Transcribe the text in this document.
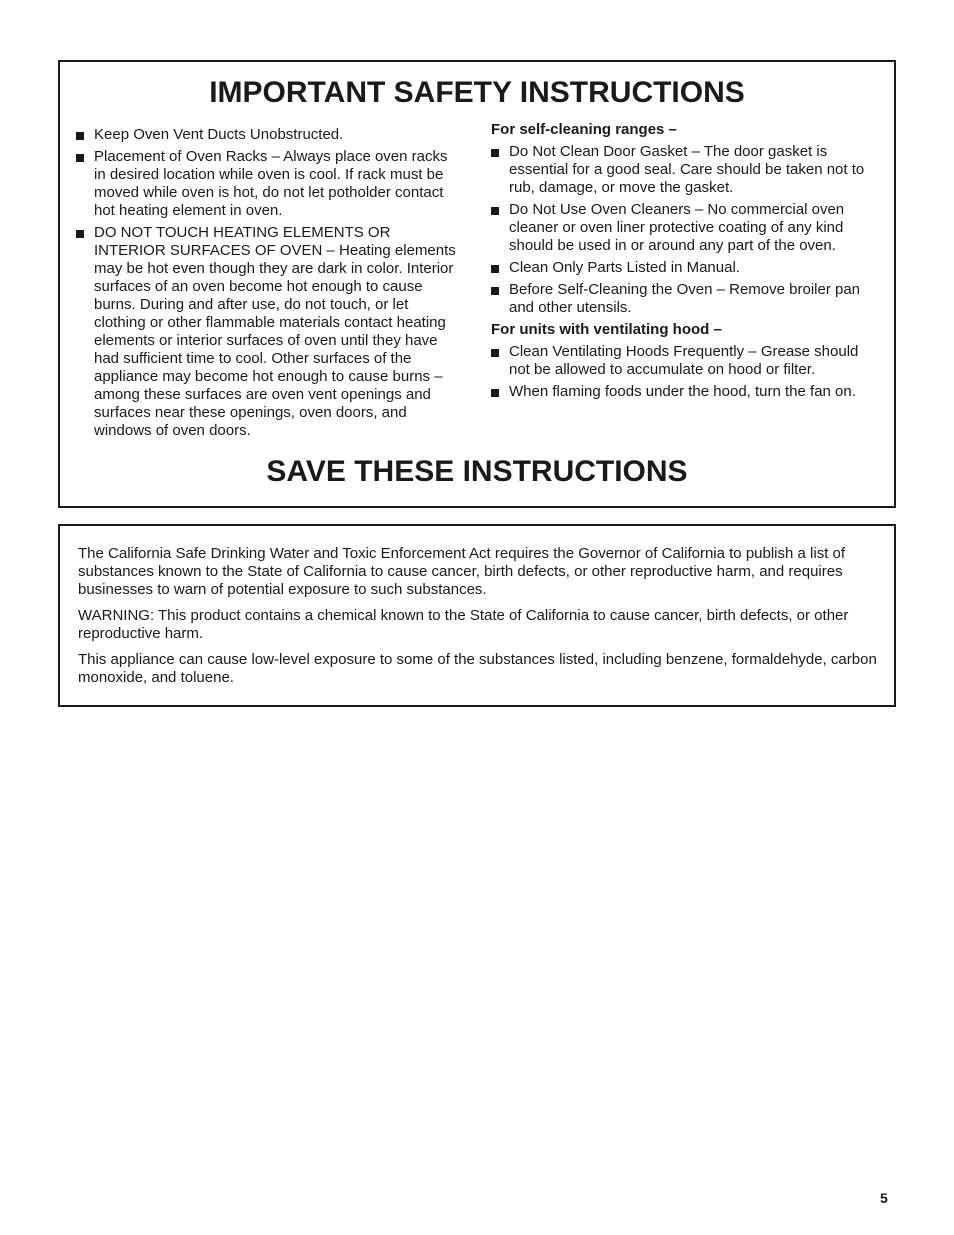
IMPORTANT SAFETY INSTRUCTIONS
Keep Oven Vent Ducts Unobstructed.
Placement of Oven Racks – Always place oven racks in desired location while oven is cool. If rack must be moved while oven is hot, do not let potholder contact hot heating element in oven.
DO NOT TOUCH HEATING ELEMENTS OR INTERIOR SURFACES OF OVEN – Heating elements may be hot even though they are dark in color. Interior surfaces of an oven become hot enough to cause burns. During and after use, do not touch, or let clothing or other flammable materials contact heating elements or interior surfaces of oven until they have had sufficient time to cool. Other surfaces of the appliance may become hot enough to cause burns – among these surfaces are oven vent openings and surfaces near these openings, oven doors, and windows of oven doors.

For self-cleaning ranges –

Do Not Clean Door Gasket – The door gasket is essential for a good seal. Care should be taken not to rub, damage, or move the gasket.
Do Not Use Oven Cleaners – No commercial oven cleaner or oven liner protective coating of any kind should be used in or around any part of the oven.
Clean Only Parts Listed in Manual.
Before Self-Cleaning the Oven – Remove broiler pan and other utensils.

For units with ventilating hood –

Clean Ventilating Hoods Frequently – Grease should not be allowed to accumulate on hood or filter.
When flaming foods under the hood, turn the fan on.
SAVE THESE INSTRUCTIONS

The California Safe Drinking Water and Toxic Enforcement Act requires the Governor of California to publish a list of substances known to the State of California to cause cancer, birth defects, or other reproductive harm, and requires businesses to warn of potential exposure to such substances.

WARNING: This product contains a chemical known to the State of California to cause cancer, birth defects, or other reproductive harm.

This appliance can cause low-level exposure to some of the substances listed, including benzene, formaldehyde, carbon monoxide, and toluene.

5
